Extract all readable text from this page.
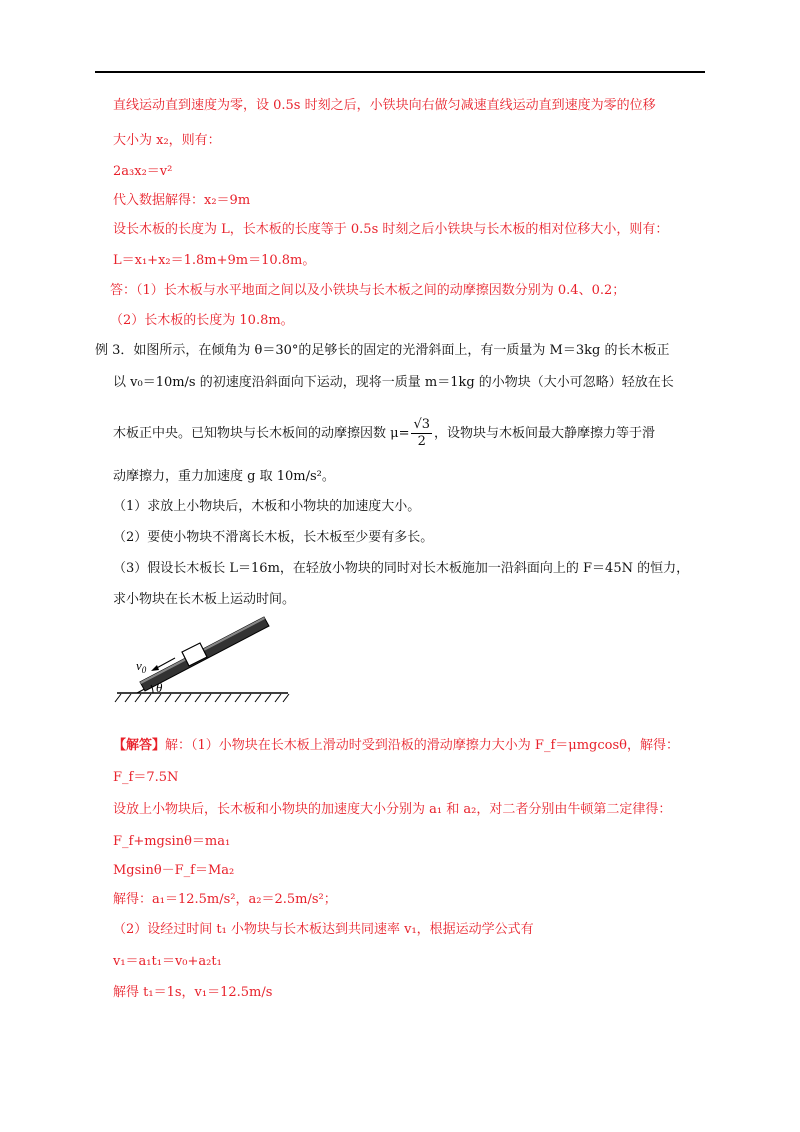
直线运动直到速度为零，设 0.5s 时刻之后，小铁块向右做匀减速直线运动直到速度为零的位移
大小为 x₂，则有：
2a₃x₂＝v²
代入数据解得：x₂＝9m
设长木板的长度为 L，长木板的长度等于 0.5s 时刻之后小铁块与长木板的相对位移大小，则有：
L＝x₁+x₂＝1.8m+9m＝10.8m。
答：（1）长木板与水平地面之间以及小铁块与长木板之间的动摩擦因数分别为 0.4、0.2；
（2）长木板的长度为 10.8m。
例 3．如图所示，在倾角为 θ＝30°的足够长的固定的光滑斜面上，有一质量为 M＝3kg 的长木板正
以 v₀＝10m/s 的初速度沿斜面向下运动，现将一质量 m＝1kg 的小物块（大小可忽略）轻放在长
木板正中央。已知物块与长木板间的动摩擦因数 $\mu= \frac{√3}{2}$ ，设物块与木板间最大静摩擦力等于滑
动摩擦力，重力加速度 g 取 10m/s²。
（1）求放上小物块后，木板和小物块的加速度大小。
（2）要使小物块不滑离长木板，长木板至少要有多长。
（3）假设长木板长 L＝16m，在轻放小物块的同时对长木板施加一沿斜面向上的 F＝45N 的恒力，
求小物块在长木板上运动时间。
$v_0$
θ
【解答】解：（1）小物块在长木板上滑动时受到沿板的滑动摩擦力大小为 F_f＝μmgcosθ，解得：
F_f＝7.5N
设放上小物块后，长木板和小物块的加速度大小分别为 a₁ 和 a₂，对二者分别由牛顿第二定律得：
F_f+mgsinθ＝ma₁
Mgsinθ－F_f＝Ma₂
解得：a₁＝12.5m/s²，a₂＝2.5m/s²；
（2）设经过时间 t₁ 小物块与长木板达到共同速率 v₁，根据运动学公式有
v₁＝a₁t₁＝v₀+a₂t₁
解得 t₁＝1s，v₁＝12.5m/s
